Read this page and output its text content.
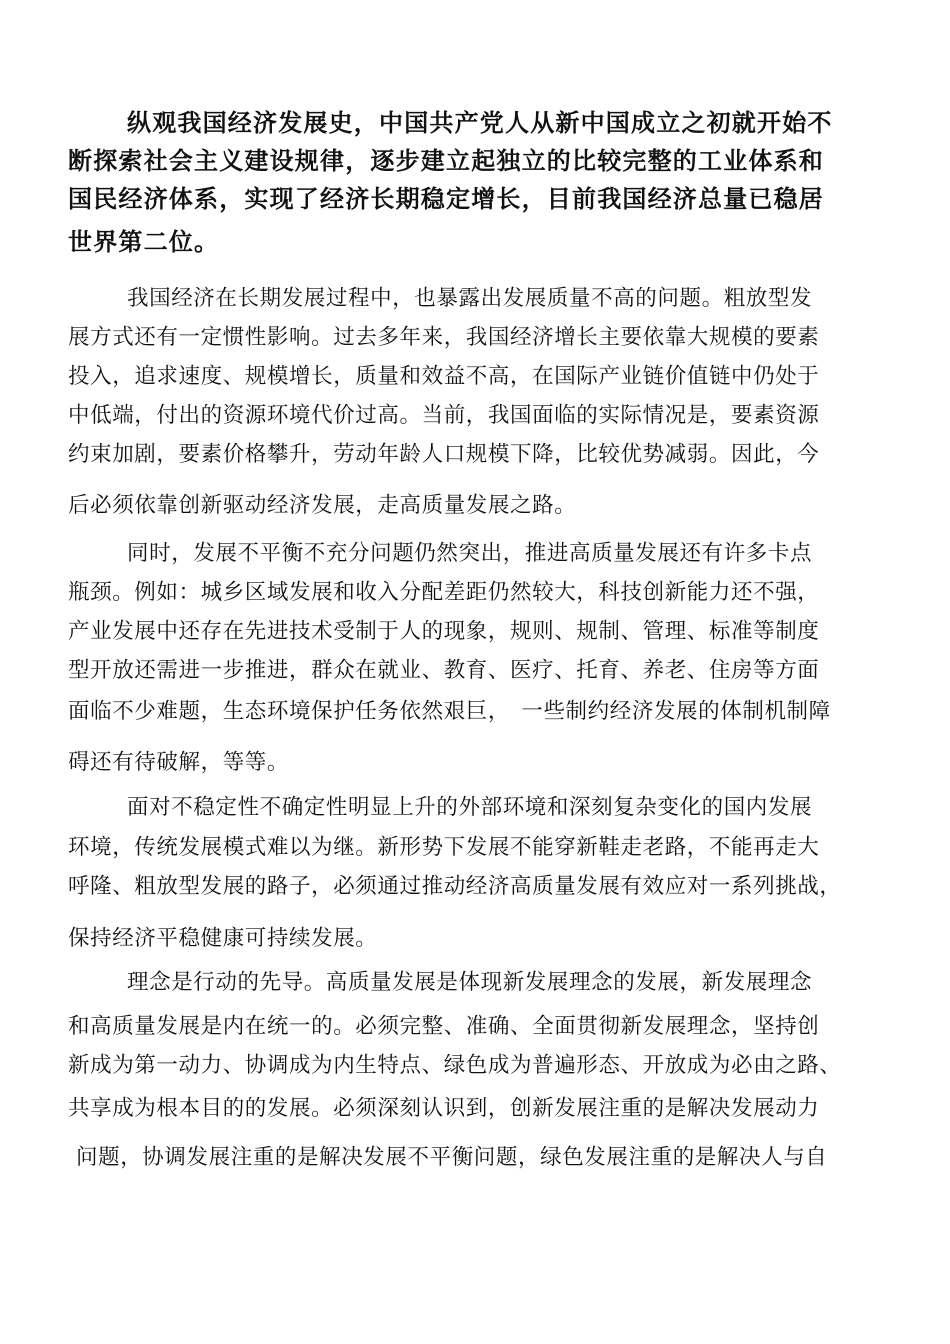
纵观我国经济发展史，中国共产党人从新中国成立之初就开始不
断探索社会主义建设规律，逐步建立起独立的比较完整的工业体系和
国民经济体系，实现了经济长期稳定增长，目前我国经济总量已稳居
世界第二位。
我国经济在长期发展过程中，也暴露出发展质量不高的问题。粗放型发
展方式还有一定惯性影响。过去多年来，我国经济增长主要依靠大规模的要素
投入，追求速度、规模增长，质量和效益不高，在国际产业链价值链中仍处于
中低端，付出的资源环境代价过高。当前，我国面临的实际情况是，要素资源
约束加剧，要素价格攀升，劳动年龄人口规模下降，比较优势减弱。因此，今
后必须依靠创新驱动经济发展，走高质量发展之路。
同时，发展不平衡不充分问题仍然突出，推进高质量发展还有许多卡点
瓶颈。例如：城乡区域发展和收入分配差距仍然较大，科技创新能力还不强，
产业发展中还存在先进技术受制于人的现象，规则、规制、管理、标准等制度
型开放还需进一步推进，群众在就业、教育、医疗、托育、养老、住房等方面
面临不少难题，生态环境保护任务依然艰巨，　一些制约经济发展的体制机制障
碍还有待破解，等等。
面对不稳定性不确定性明显上升的外部环境和深刻复杂变化的国内发展
环境，传统发展模式难以为继。新形势下发展不能穿新鞋走老路，不能再走大
呼隆、粗放型发展的路子，必须通过推动经济高质量发展有效应对一系列挑战，
保持经济平稳健康可持续发展。
理念是行动的先导。高质量发展是体现新发展理念的发展，新发展理念
和高质量发展是内在统一的。必须完整、准确、全面贯彻新发展理念，坚持创
新成为第一动力、协调成为内生特点、绿色成为普遍形态、开放成为必由之路、
共享成为根本目的的发展。必须深刻认识到，创新发展注重的是解决发展动力
问题，协调发展注重的是解决发展不平衡问题，绿色发展注重的是解决人与自
